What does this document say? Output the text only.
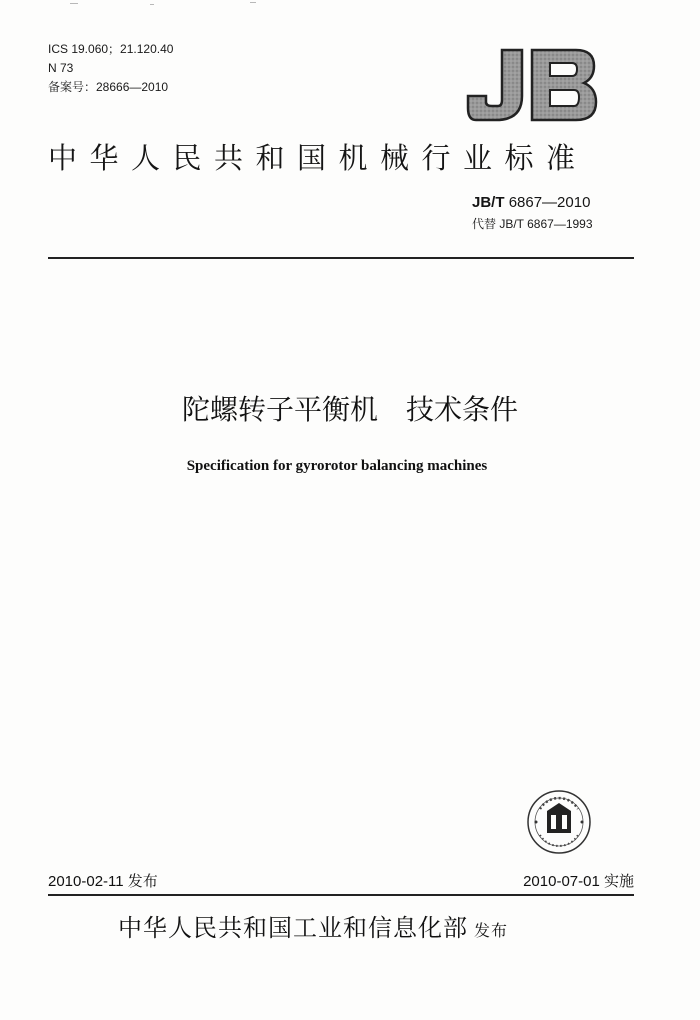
ICS 19.060；21.120.40
N 73
备案号：28666—2010
中华人民共和国机械行业标准
JB/T 6867—2010
代替 JB/T 6867—1993
陀螺转子平衡机　技术条件
Specification for gyrorotor balancing machines
2010-02-11 发布	2010-07-01 实施
中华人民共和国工业和信息化部 发布
